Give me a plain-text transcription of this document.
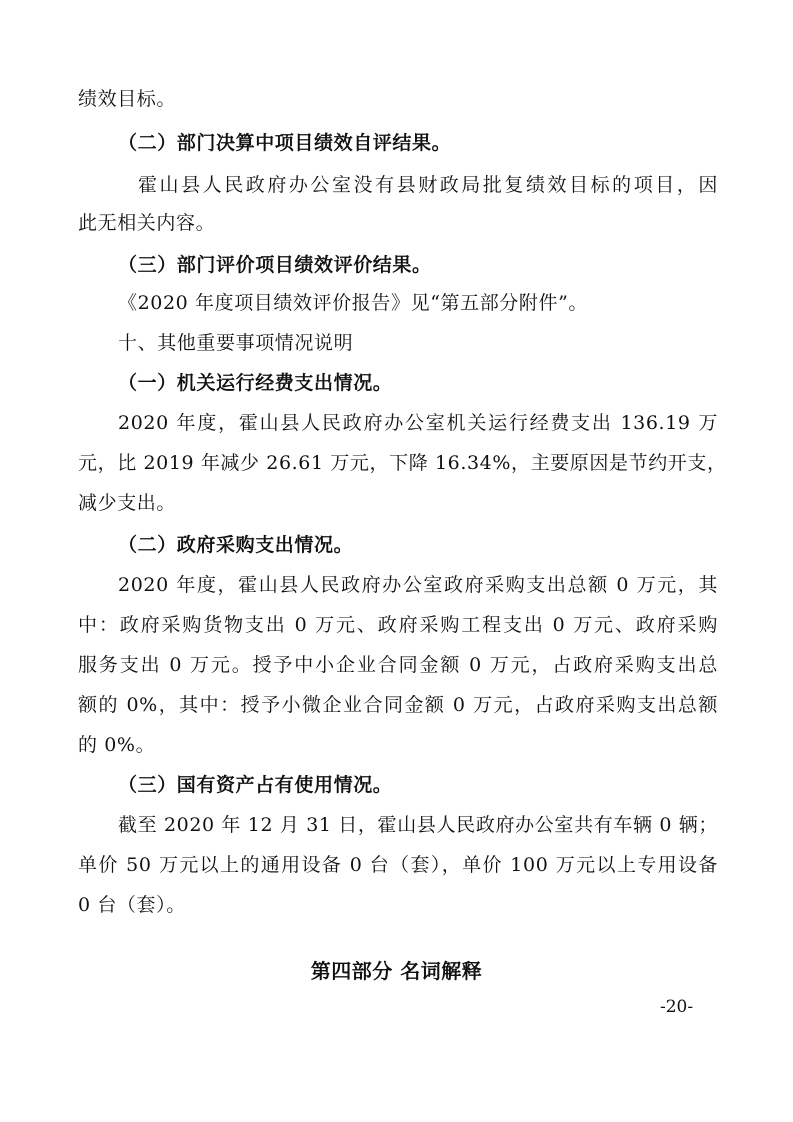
绩效目标。
（二）部门决算中项目绩效自评结果。
霍山县人民政府办公室没有县财政局批复绩效目标的项目，因
此无相关内容。
（三）部门评价项目绩效评价结果。
《2020 年度项目绩效评价报告》见“第五部分附件”。
十、其他重要事项情况说明
（一）机关运行经费支出情况。
2020 年度，霍山县人民政府办公室机关运行经费支出 136.19 万
元，比 2019 年减少 26.61 万元，下降 16.34%，主要原因是节约开支，
减少支出。
（二）政府采购支出情况。
2020 年度，霍山县人民政府办公室政府采购支出总额 0 万元，其
中：政府采购货物支出 0 万元、政府采购工程支出 0 万元、政府采购
服务支出 0 万元。授予中小企业合同金额 0 万元，占政府采购支出总
额的 0%，其中：授予小微企业合同金额 0 万元，占政府采购支出总额
的 0%。
（三）国有资产占有使用情况。
截至 2020 年 12 月 31 日，霍山县人民政府办公室共有车辆 0 辆；
单价 50 万元以上的通用设备 0 台（套），单价 100 万元以上专用设备
0 台（套）。
第四部分 名词解释
-20-
